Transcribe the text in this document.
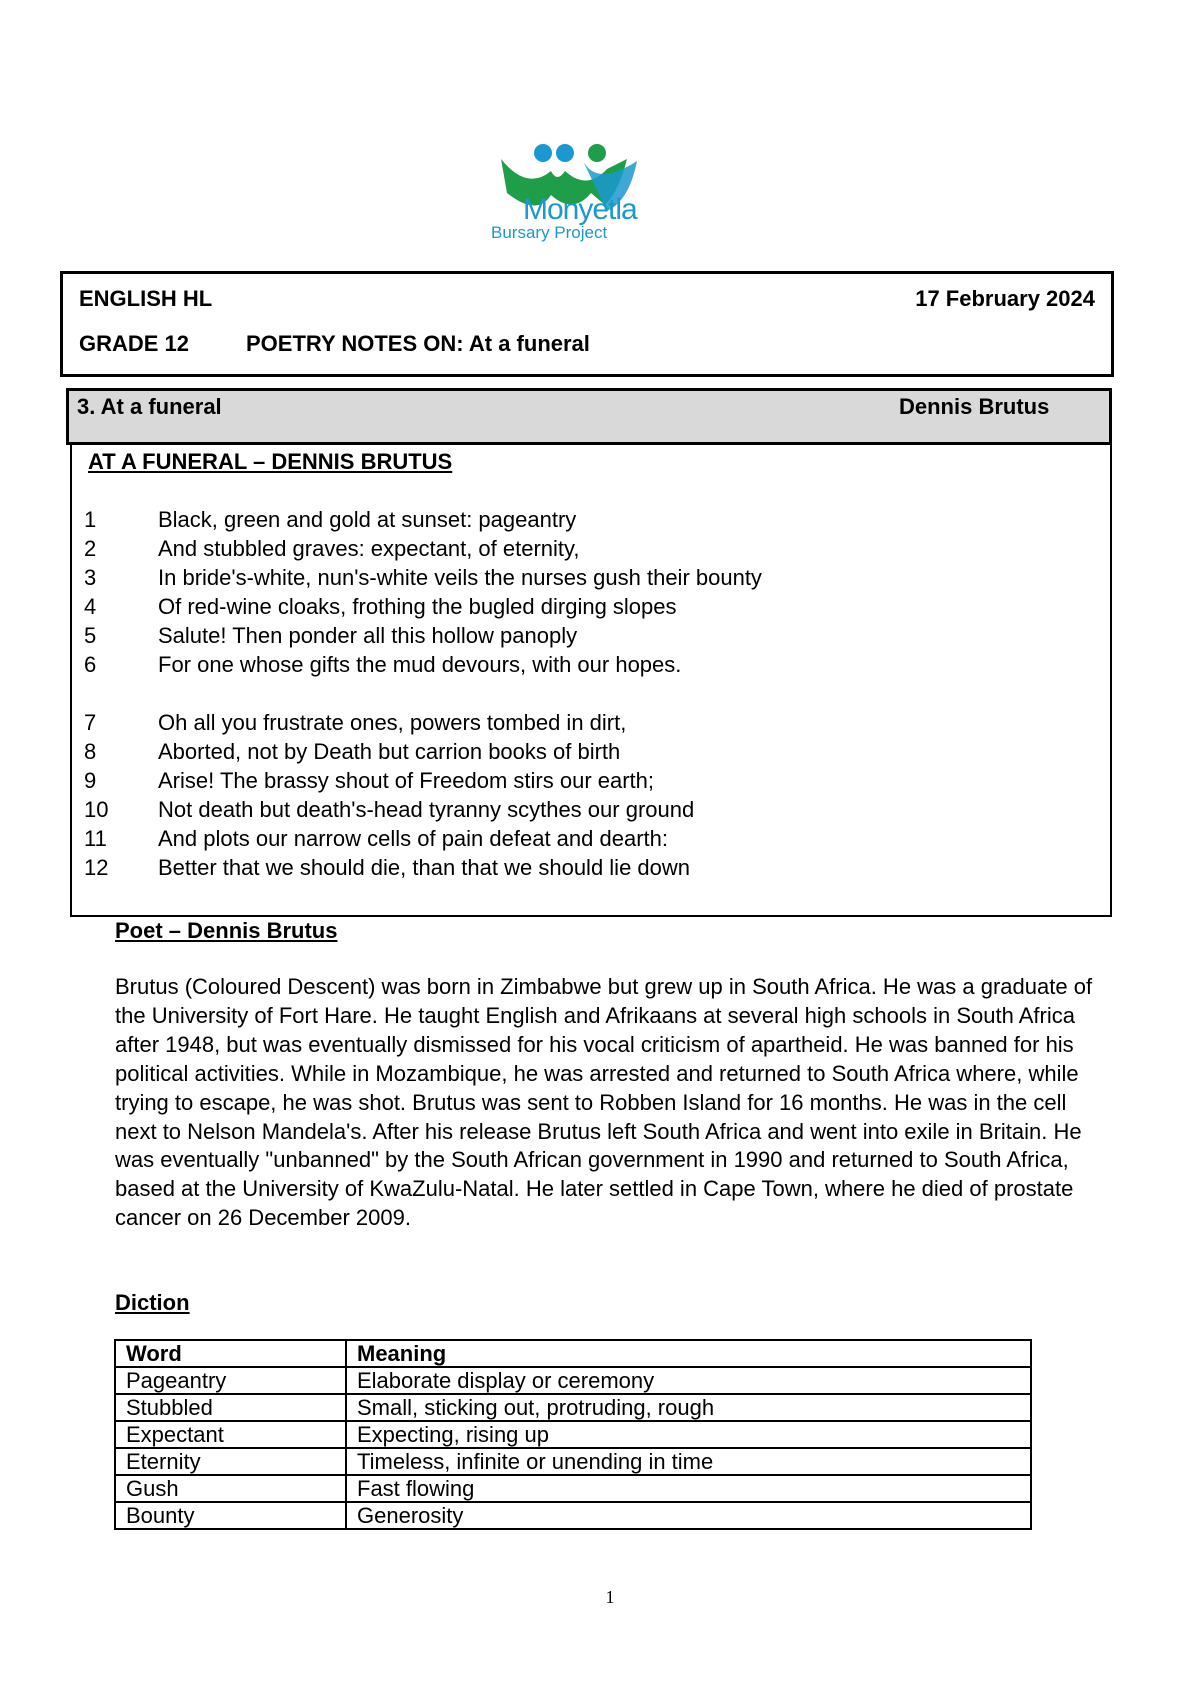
Monyetla
Bursary Project
ENGLISH HL	17 February 2024
GRADE 12	POETRY NOTES ON: At a funeral
3. At a funeral	Dennis Brutus
AT A FUNERAL – DENNIS BRUTUS
1	Black, green and gold at sunset: pageantry
2	And stubbled graves: expectant, of eternity,
3	In bride's-white, nun's-white veils the nurses gush their bounty
4	Of red-wine cloaks, frothing the bugled dirging slopes
5	Salute! Then ponder all this hollow panoply
6	For one whose gifts the mud devours, with our hopes.
7	Oh all you frustrate ones, powers tombed in dirt,
8	Aborted, not by Death but carrion books of birth
9	Arise! The brassy shout of Freedom stirs our earth;
10 Not death but death's-head tyranny scythes our ground
11 And plots our narrow cells of pain defeat and dearth:
12 Better that we should die, than that we should lie down
Poet – Dennis Brutus
Brutus (Coloured Descent) was born in Zimbabwe but grew up in South Africa. He was a graduate of the University of Fort Hare. He taught English and Afrikaans at several high schools in South Africa after 1948, but was eventually dismissed for his vocal criticism of apartheid. He was banned for his political activities. While in Mozambique, he was arrested and returned to South Africa where, while trying to escape, he was shot. Brutus was sent to Robben Island for 16 months. He was in the cell next to Nelson Mandela's. After his release Brutus left South Africa and went into exile in Britain. He was eventually "unbanned" by the South African government in 1990 and returned to South Africa, based at the University of KwaZulu-Natal. He later settled in Cape Town, where he died of prostate cancer on 26 December 2009.
Diction
Word	Meaning
Pageantry	Elaborate display or ceremony
Stubbled	Small, sticking out, protruding, rough
Expectant	Expecting, rising up
Eternity	Timeless, infinite or unending in time
Gush	Fast flowing
Bounty	Generosity
1
